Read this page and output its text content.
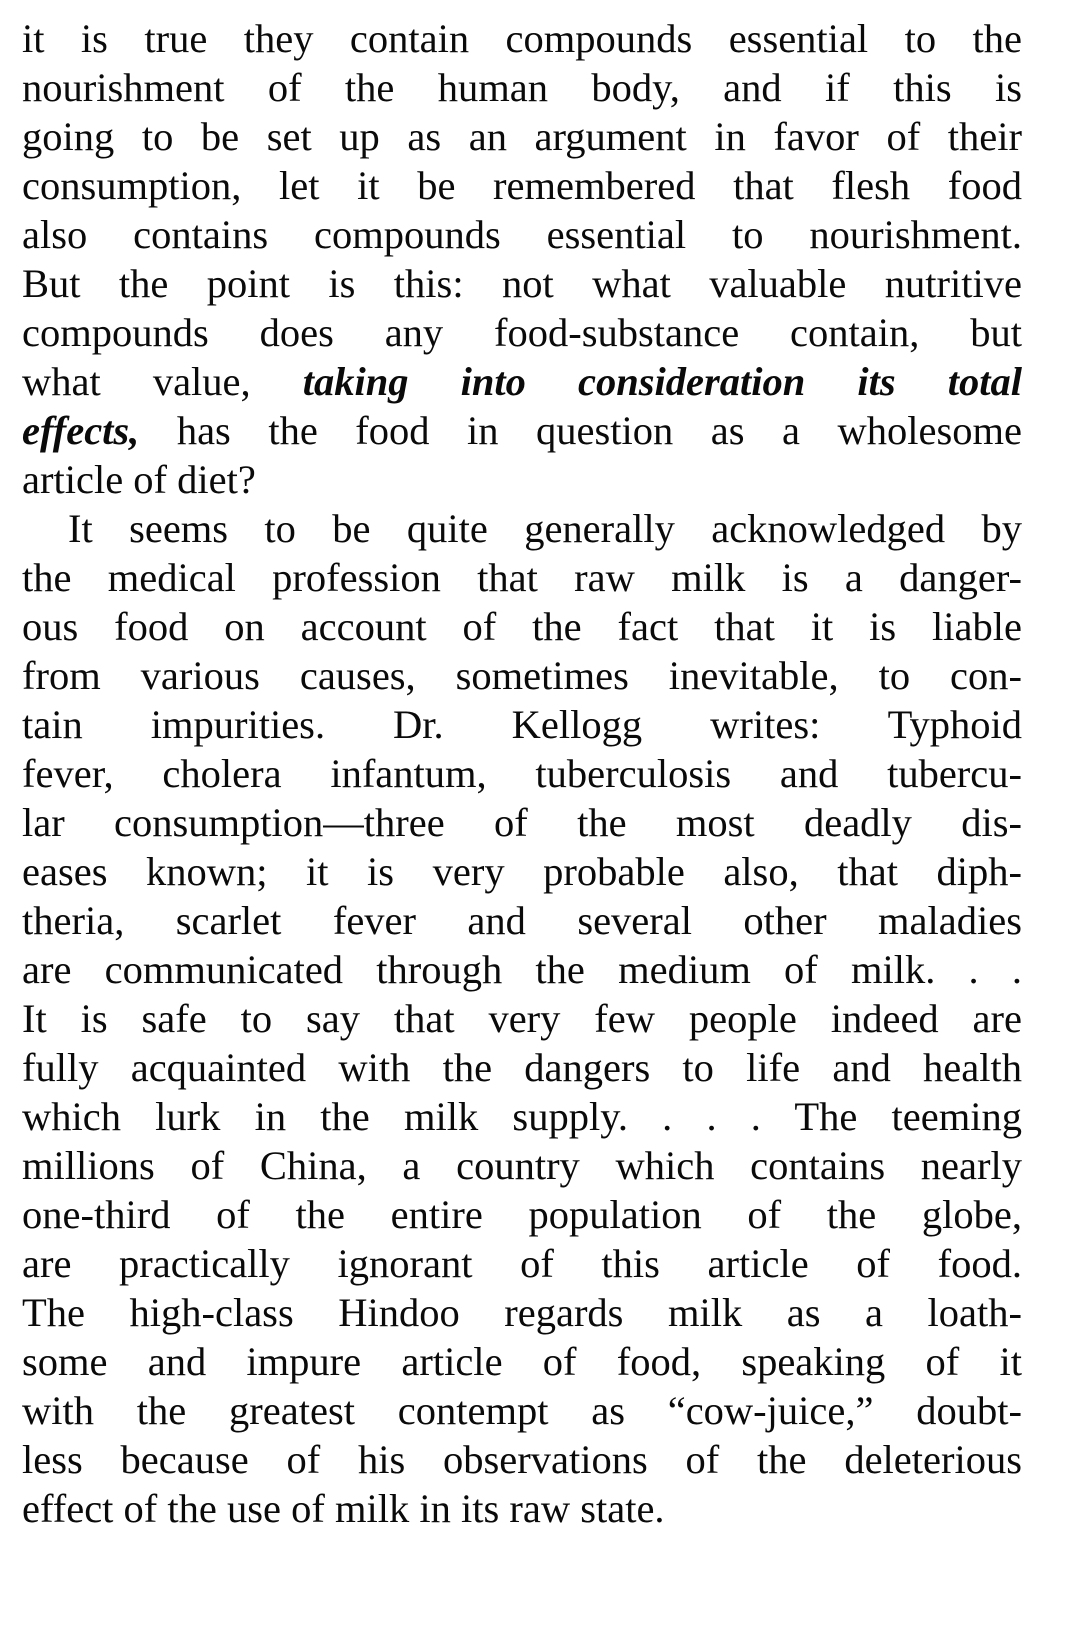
it is true they contain compounds essential to the
nourishment of the human body, and if this is
going to be set up as an argument in favor of their
consumption, let it be remembered that flesh food
also contains compounds essential to nourishment.
But the point is this: not what valuable nutritive
compounds does any food-substance contain, but
what value, taking into consideration its total
effects, has the food in question as a wholesome
article of diet?
It seems to be quite generally acknowledged by
the medical profession that raw milk is a danger-
ous food on account of the fact that it is liable
from various causes, sometimes inevitable, to con-
tain impurities. Dr. Kellogg writes: Typhoid
fever, cholera infantum, tuberculosis and tubercu-
lar consumption—three of the most deadly dis-
eases known; it is very probable also, that diph-
theria, scarlet fever and several other maladies
are communicated through the medium of milk. . .
It is safe to say that very few people indeed are
fully acquainted with the dangers to life and health
which lurk in the milk supply. . . . The teeming
millions of China, a country which contains nearly
one-third of the entire population of the globe,
are practically ignorant of this article of food.
The high-class Hindoo regards milk as a loath-
some and impure article of food, speaking of it
with the greatest contempt as “cow-juice,” doubt-
less because of his observations of the deleterious
effect of the use of milk in its raw state.
